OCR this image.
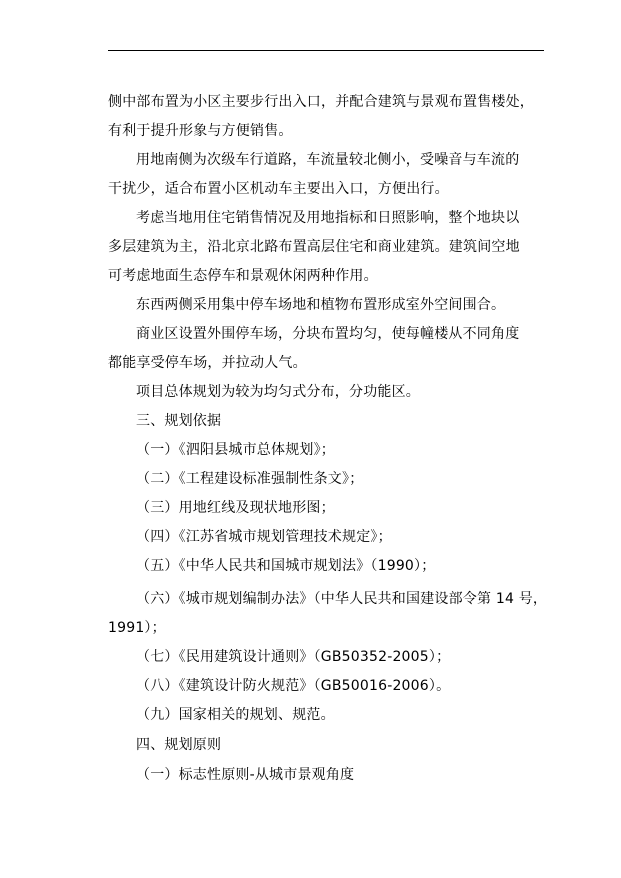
侧中部布置为小区主要步行出入口，并配合建筑与景观布置售楼处，
有利于提升形象与方便销售。
用地南侧为次级车行道路，车流量较北侧小，受噪音与车流的
干扰少，适合布置小区机动车主要出入口，方便出行。
考虑当地用住宅销售情况及用地指标和日照影响，整个地块以
多层建筑为主，沿北京北路布置高层住宅和商业建筑。建筑间空地
可考虑地面生态停车和景观休闲两种作用。
东西两侧采用集中停车场地和植物布置形成室外空间围合。
商业区设置外围停车场，分块布置均匀，使每幢楼从不同角度
都能享受停车场，并拉动人气。
项目总体规划为较为均匀式分布，分功能区。
三、规划依据
（一）《泗阳县城市总体规划》；
（二）《工程建设标准强制性条文》；
（三）用地红线及现状地形图；
（四）《江苏省城市规划管理技术规定》；
（五）《中华人民共和国城市规划法》（1990）；
（六）《城市规划编制办法》（中华人民共和国建设部令第 14 号，
1991）；
（七）《民用建筑设计通则》（GB50352-2005）；
（八）《建筑设计防火规范》（GB50016-2006）。
（九）国家相关的规划、规范。
四、规划原则
（一）标志性原则-从城市景观角度
